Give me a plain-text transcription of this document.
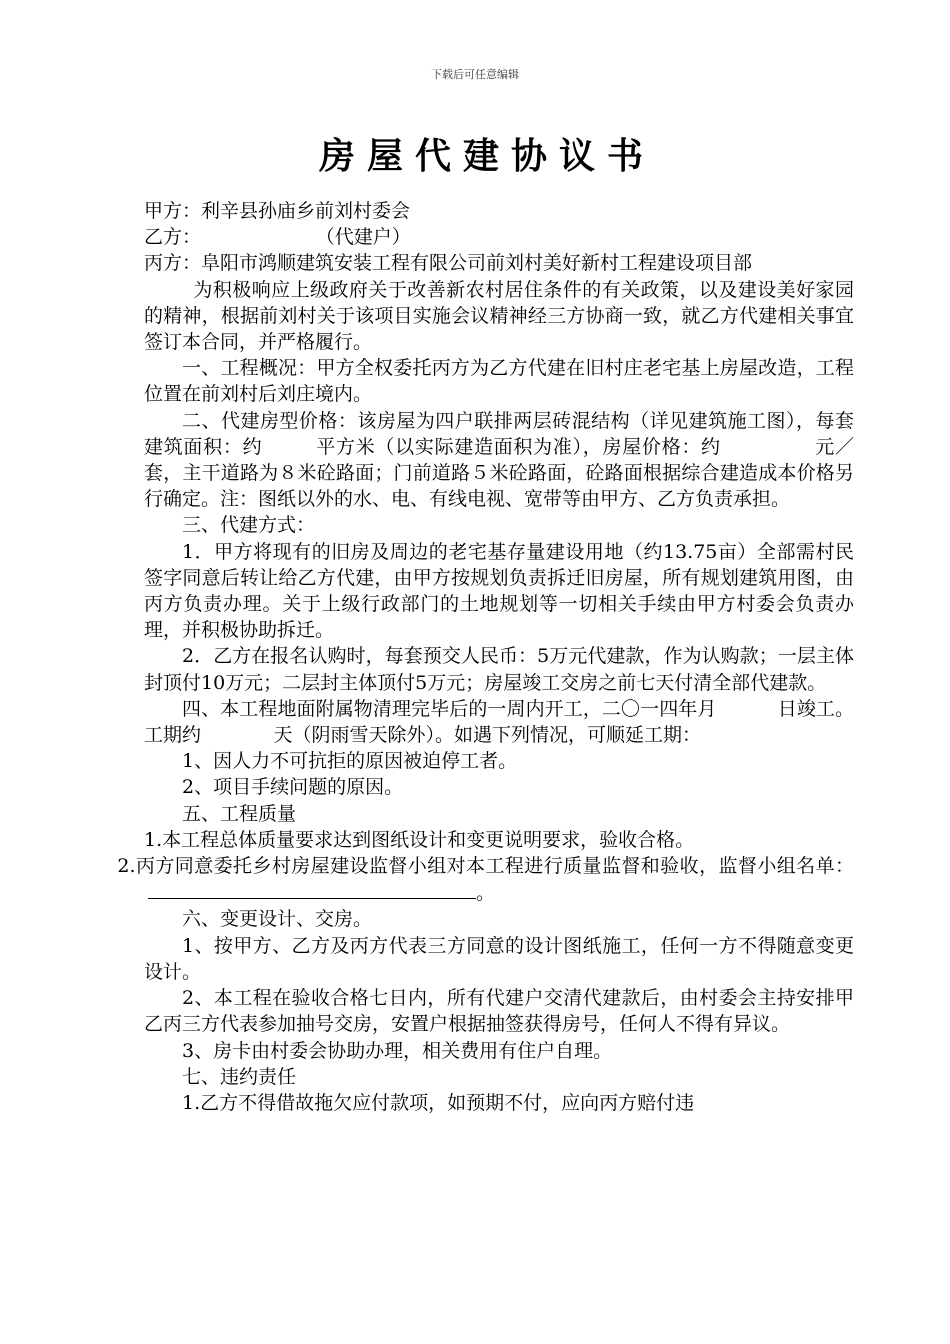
下载后可任意编辑
房屋代建协议书

甲方：利辛县孙庙乡前刘村委会

乙方：                   （代建户）

丙方：阜阳市鸿顺建筑安装工程有限公司前刘村美好新村工程建设项目部

为积极响应上级政府关于改善新农村居住条件的有关政策，以及建设美好家园的精神，根据前刘村关于该项目实施会议精神经三方协商一致，就乙方代建相关事宜签订本合同，并严格履行。

一、工程概况：甲方全权委托丙方为乙方代建在旧村庄老宅基上房屋改造，工程位置在前刘村后刘庄境内。

二、代建房型价格：该房屋为四户联排两层砖混结构（详见建筑施工图），每套建筑面积：约        平方米（以实际建造面积为准），房屋价格：约              元／套，主干道路为８米砼路面；门前道路５米砼路面，砼路面根据综合建造成本价格另行确定。注：图纸以外的水、电、有线电视、宽带等由甲方、乙方负责承担。

三、代建方式：

1．甲方将现有的旧房及周边的老宅基存量建设用地（约13.75亩）全部需村民签字同意后转让给乙方代建，由甲方按规划负责拆迁旧房屋，所有规划建筑用图，由丙方负责办理。关于上级行政部门的土地规划等一切相关手续由甲方村委会负责办理，并积极协助拆迁。

2．乙方在报名认购时，每套预交人民币：5万元代建款，作为认购款；一层主体封顶付10万元；二层封主体顶付5万元；房屋竣工交房之前七天付清全部代建款。

四、本工程地面附属物清理完毕后的一周内开工，二〇一四年月          日竣工。工期约            天（阴雨雪天除外）。如遇下列情况，可顺延工期：

1、因人力不可抗拒的原因被迫停工者。

2、项目手续问题的原因。

五、工程质量

1.本工程总体质量要求达到图纸设计和变更说明要求，验收合格。

2.丙方同意委托乡村房屋建设监督小组对本工程进行质量监督和验收，监督小组名单：。

六、变更设计、交房。

1、按甲方、乙方及丙方代表三方同意的设计图纸施工，任何一方不得随意变更设计。

2、本工程在验收合格七日内，所有代建户交清代建款后，由村委会主持安排甲乙丙三方代表参加抽号交房，安置户根据抽签获得房号，任何人不得有异议。

3、房卡由村委会协助办理，相关费用有住户自理。

七、违约责任

1.乙方不得借故拖欠应付款项，如预期不付，应向丙方赔付违
